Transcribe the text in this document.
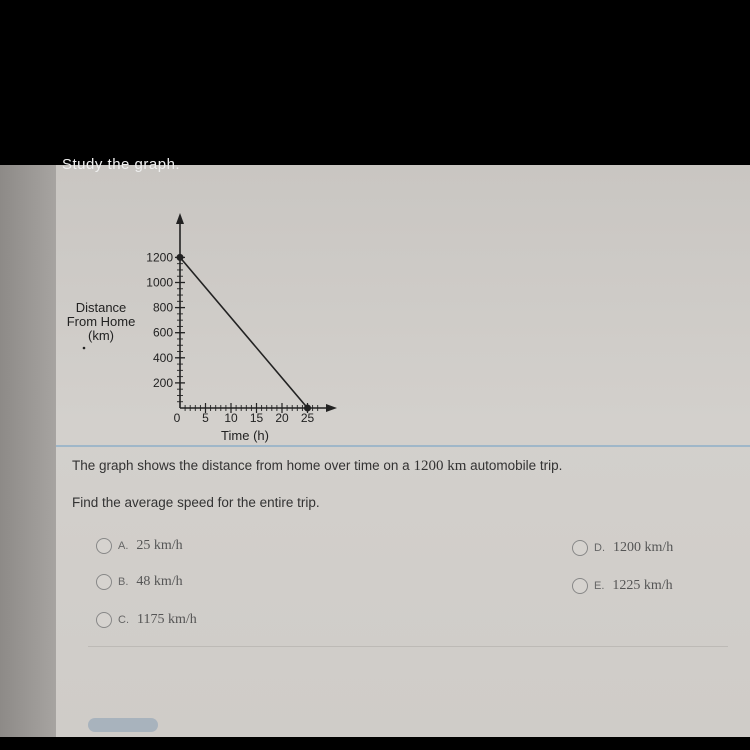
Study the graph.
200
400
600
800
1000
1200
5 10 15 20 25
Distance
From Home
(km)
Time (h)
0
The graph shows the distance from home over time on a 1200 km automobile trip.
Find the average speed for the entire trip.
A. 25 km/h
B. 48 km/h
C. 1175 km/h
D. 1200 km/h
E. 1225 km/h
